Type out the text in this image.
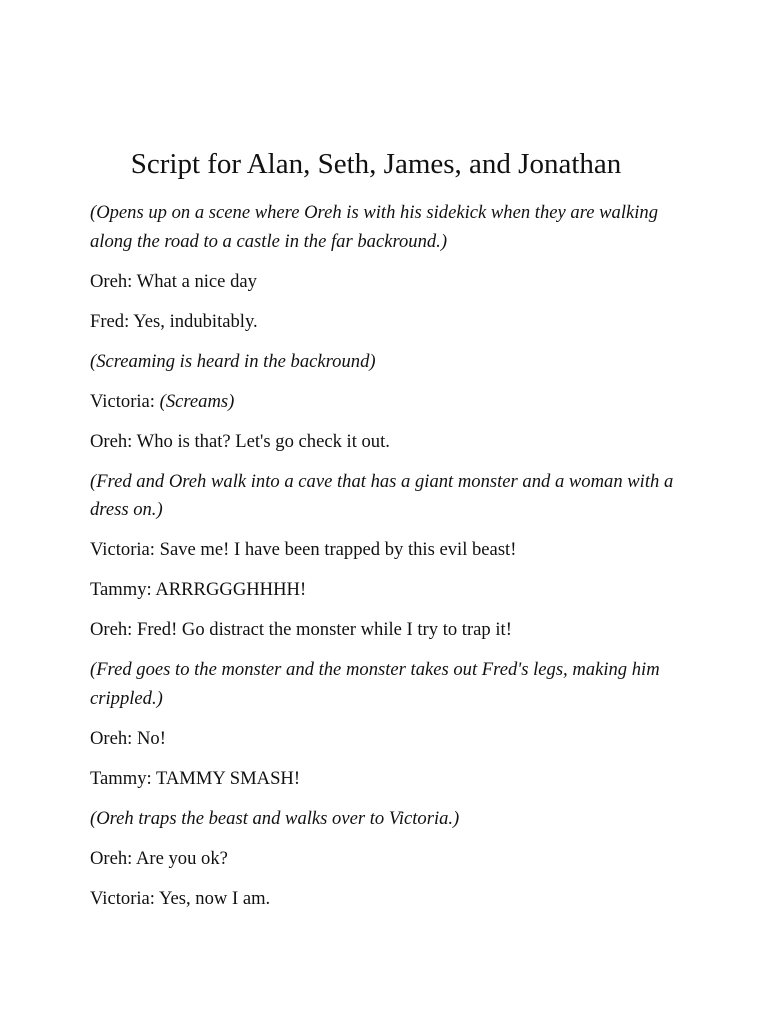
Script for Alan, Seth, James, and Jonathan

(Opens up on a scene where Oreh is with his sidekick when they are walking along the road to a castle in the far backround.)

Oreh: What a nice day

Fred: Yes, indubitably.

(Screaming is heard in the backround)

Victoria: (Screams)

Oreh: Who is that? Let's go check it out.

(Fred and Oreh walk into a cave that has a giant monster and a woman with a dress on.)

Victoria: Save me! I have been trapped by this evil beast!

Tammy: ARRRGGGHHHH!

Oreh: Fred! Go distract the monster while I try to trap it!

(Fred goes to the monster and the monster takes out Fred's legs, making him crippled.)

Oreh: No!

Tammy: TAMMY SMASH!

(Oreh traps the beast and walks over to Victoria.)

Oreh: Are you ok?

Victoria: Yes, now I am.
